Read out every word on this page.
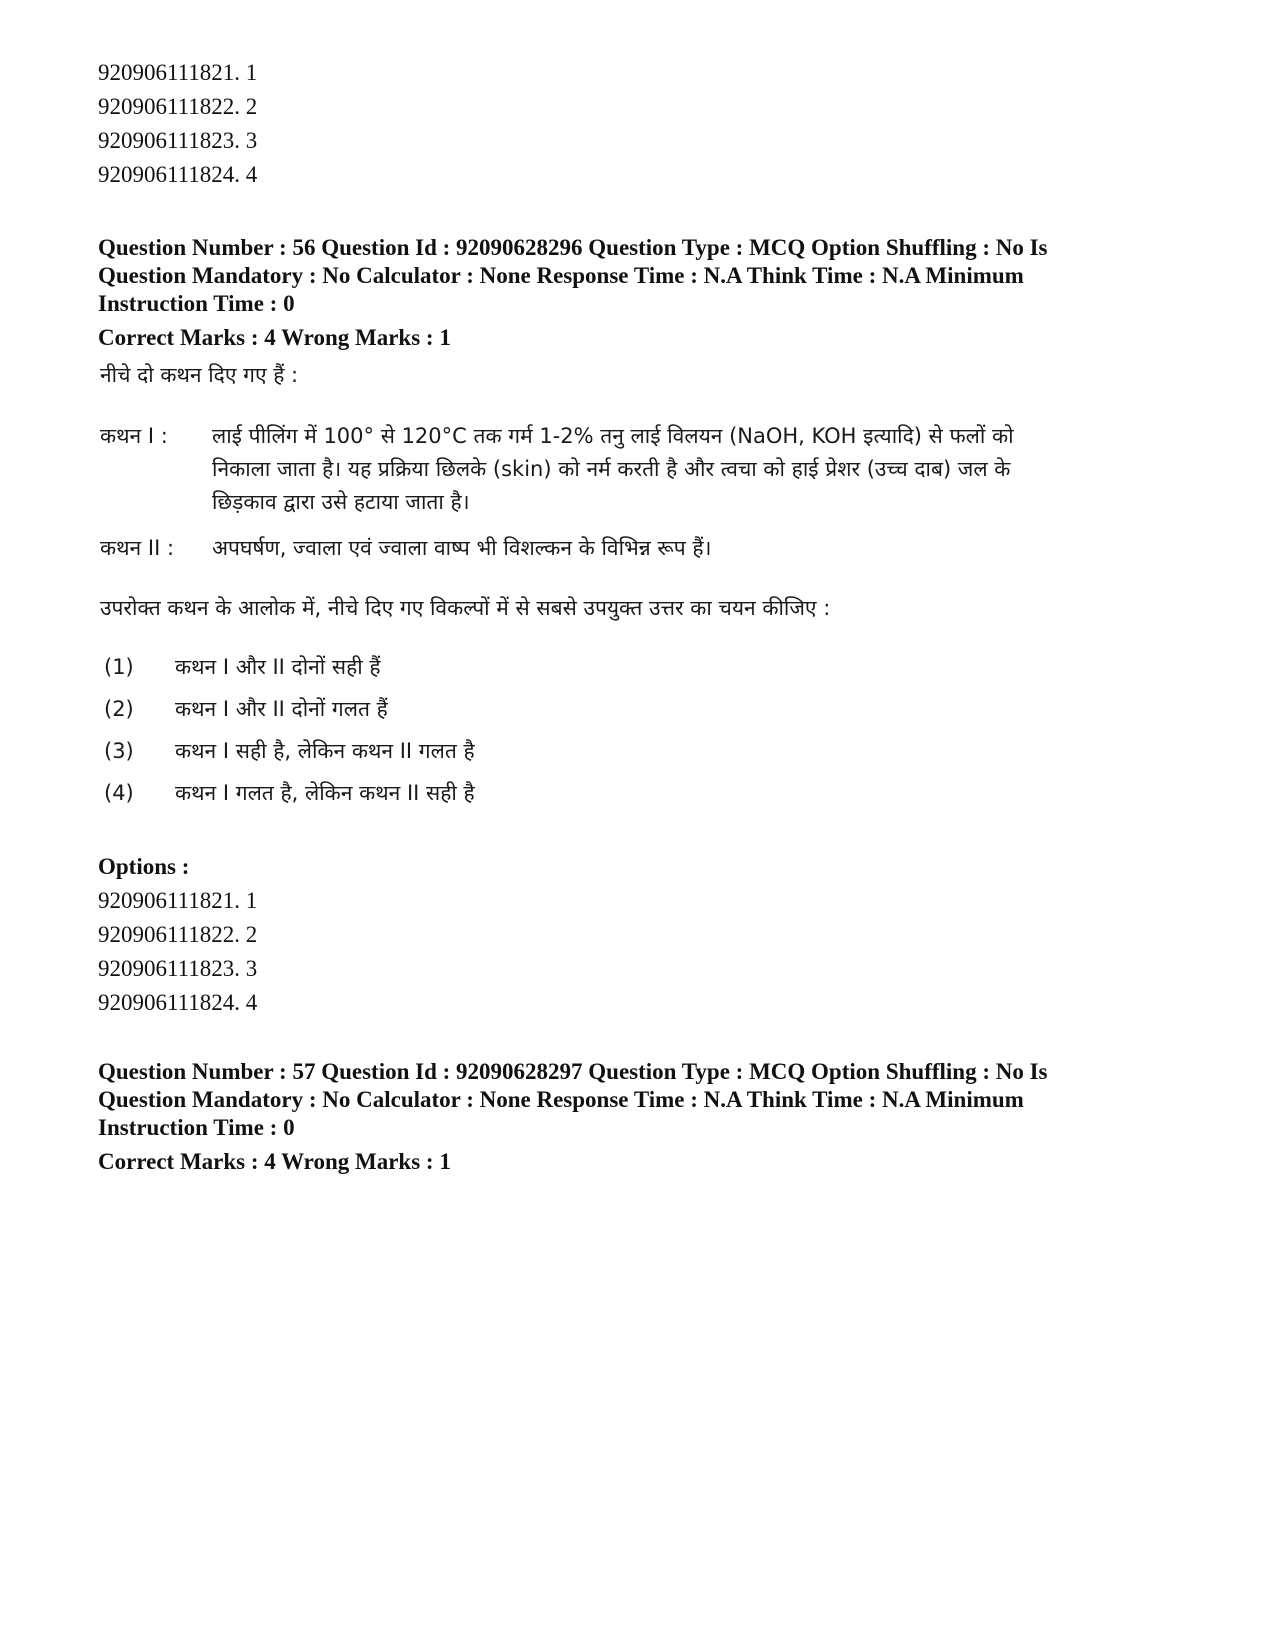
920906111821. 1

920906111822. 2

920906111823. 3

920906111824. 4

Question Number : 56 Question Id : 92090628296 Question Type : MCQ Option Shuffling : No Is

Question Mandatory : No Calculator : None Response Time : N.A Think Time : N.A Minimum

Instruction Time : 0

Correct Marks : 4 Wrong Marks : 1

नीचे दो कथन दिए गए हैं :
कथन I : लाई पीलिंग में 100° से 120°C तक गर्म 1-2% तनु लाई विलयन (NaOH, KOH इत्यादि) से फलों को निकाला जाता है। यह प्रक्रिया छिलके (skin) को नर्म करती है और त्वचा को हाई प्रेशर (उच्च दाब) जल के छिड़काव द्वारा उसे हटाया जाता है।
कथन II : अपघर्षण, ज्वाला एवं ज्वाला वाष्प भी विशल्कन के विभिन्न रूप हैं।
उपरोक्त कथन के आलोक में, नीचे दिए गए विकल्पों में से सबसे उपयुक्त उत्तर का चयन कीजिए :
(1) कथन I और II दोनों सही हैं
(2) कथन I और II दोनों गलत हैं
(3) कथन I सही है, लेकिन कथन II गलत है
(4) कथन I गलत है, लेकिन कथन II सही है

Options :

920906111821. 1

920906111822. 2

920906111823. 3

920906111824. 4

Question Number : 57 Question Id : 92090628297 Question Type : MCQ Option Shuffling : No Is

Question Mandatory : No Calculator : None Response Time : N.A Think Time : N.A Minimum

Instruction Time : 0

Correct Marks : 4 Wrong Marks : 1
